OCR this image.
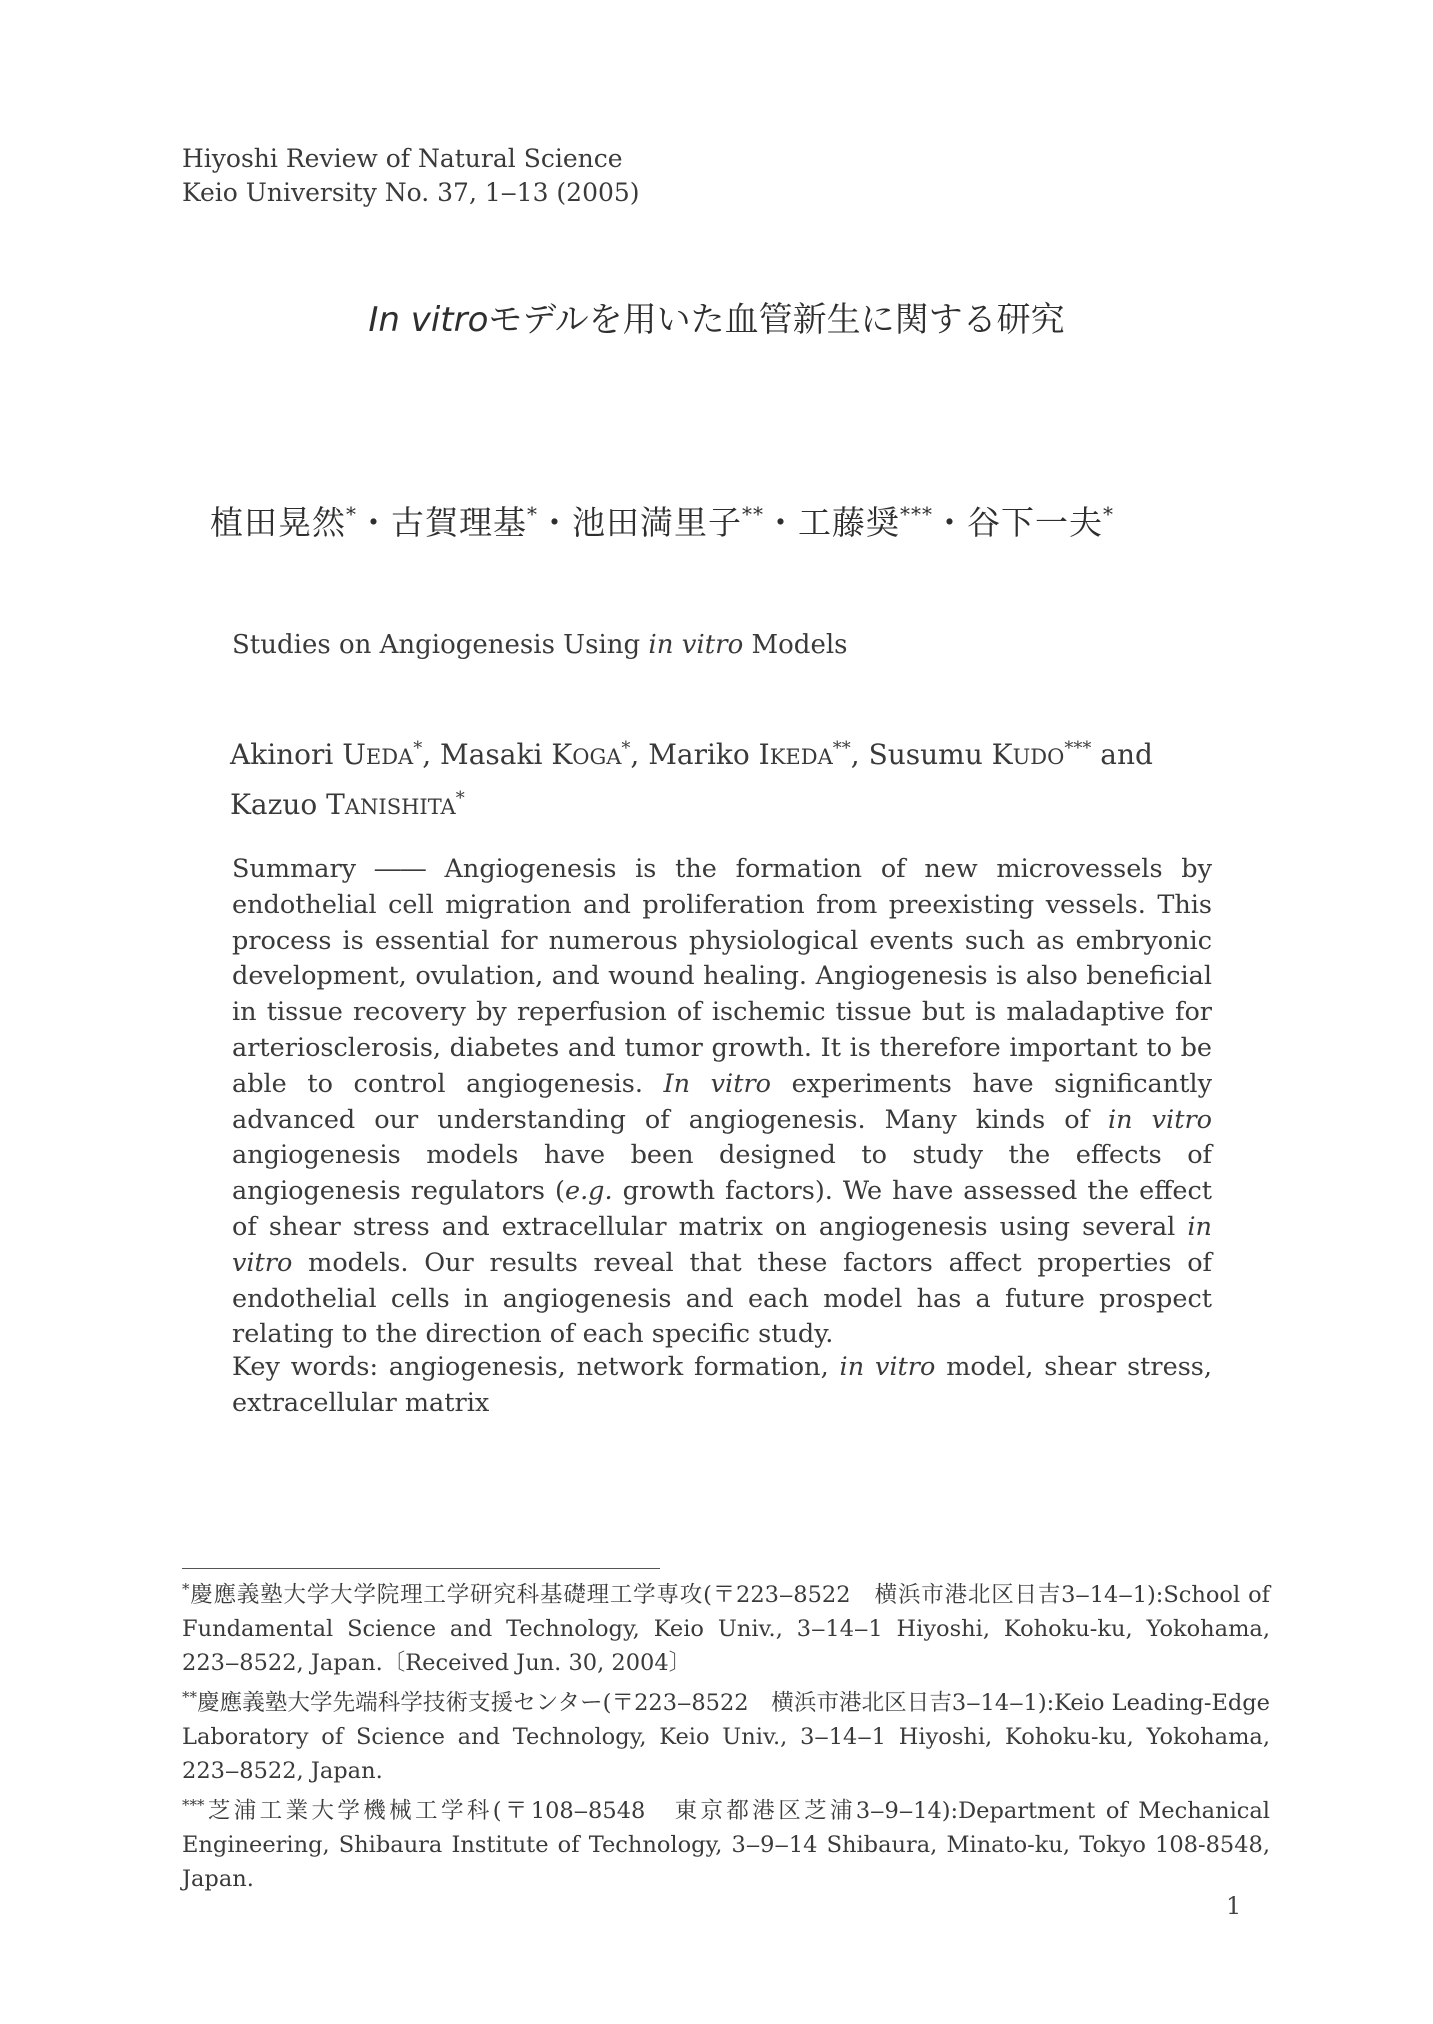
Hiyoshi Review of Natural Science
Keio University No. 37, 1‒13 (2005)
In vitroモデルを用いた血管新生に関する研究
植田晃然*・古賀理基*・池田満里子**・工藤奨***・谷下一夫*
Studies on Angiogenesis Using in vitro Models
Akinori UEDA*, Masaki KOGA*, Mariko IKEDA**, Susumu KUDO*** and
Kazuo TANISHITA*
Summary ―― Angiogenesis is the formation of new microvessels by endothelial cell migration and proliferation from preexisting vessels. This process is essential for numerous physiological events such as embryonic development, ovulation, and wound healing. Angiogenesis is also beneficial in tissue recovery by reperfusion of ischemic tissue but is maladaptive for arteriosclerosis, diabetes and tumor growth. It is therefore important to be able to control angiogenesis. In vitro experiments have significantly advanced our understanding of angiogenesis. Many kinds of in vitro angiogenesis models have been designed to study the effects of angiogenesis regulators (e.g. growth factors). We have assessed the effect of shear stress and extracellular matrix on angiogenesis using several in vitro models. Our results reveal that these factors affect properties of endothelial cells in angiogenesis and each model has a future prospect relating to the direction of each specific study.
Key words: angiogenesis, network formation, in vitro model, shear stress, extracellular matrix

*慶應義塾大学大学院理工学研究科基礎理工学専攻(〒223‒8522　横浜市港北区日吉3‒14‒1):School of Fundamental Science and Technology, Keio Univ., 3‒14‒1 Hiyoshi, Kohoku-ku, Yokohama, 223‒8522, Japan.〔Received Jun. 30, 2004〕

**慶應義塾大学先端科学技術支援センター(〒223‒8522　横浜市港北区日吉3‒14‒1):Keio Leading-Edge Laboratory of Science and Technology, Keio Univ., 3‒14‒1 Hiyoshi, Kohoku-ku, Yokohama, 223‒8522, Japan.

***芝浦工業大学機械工学科(〒108‒8548　東京都港区芝浦3‒9‒14):Department of Mechanical Engineering, Shibaura Institute of Technology, 3‒9‒14 Shibaura, Minato-ku, Tokyo 108-8548, Japan.

1
